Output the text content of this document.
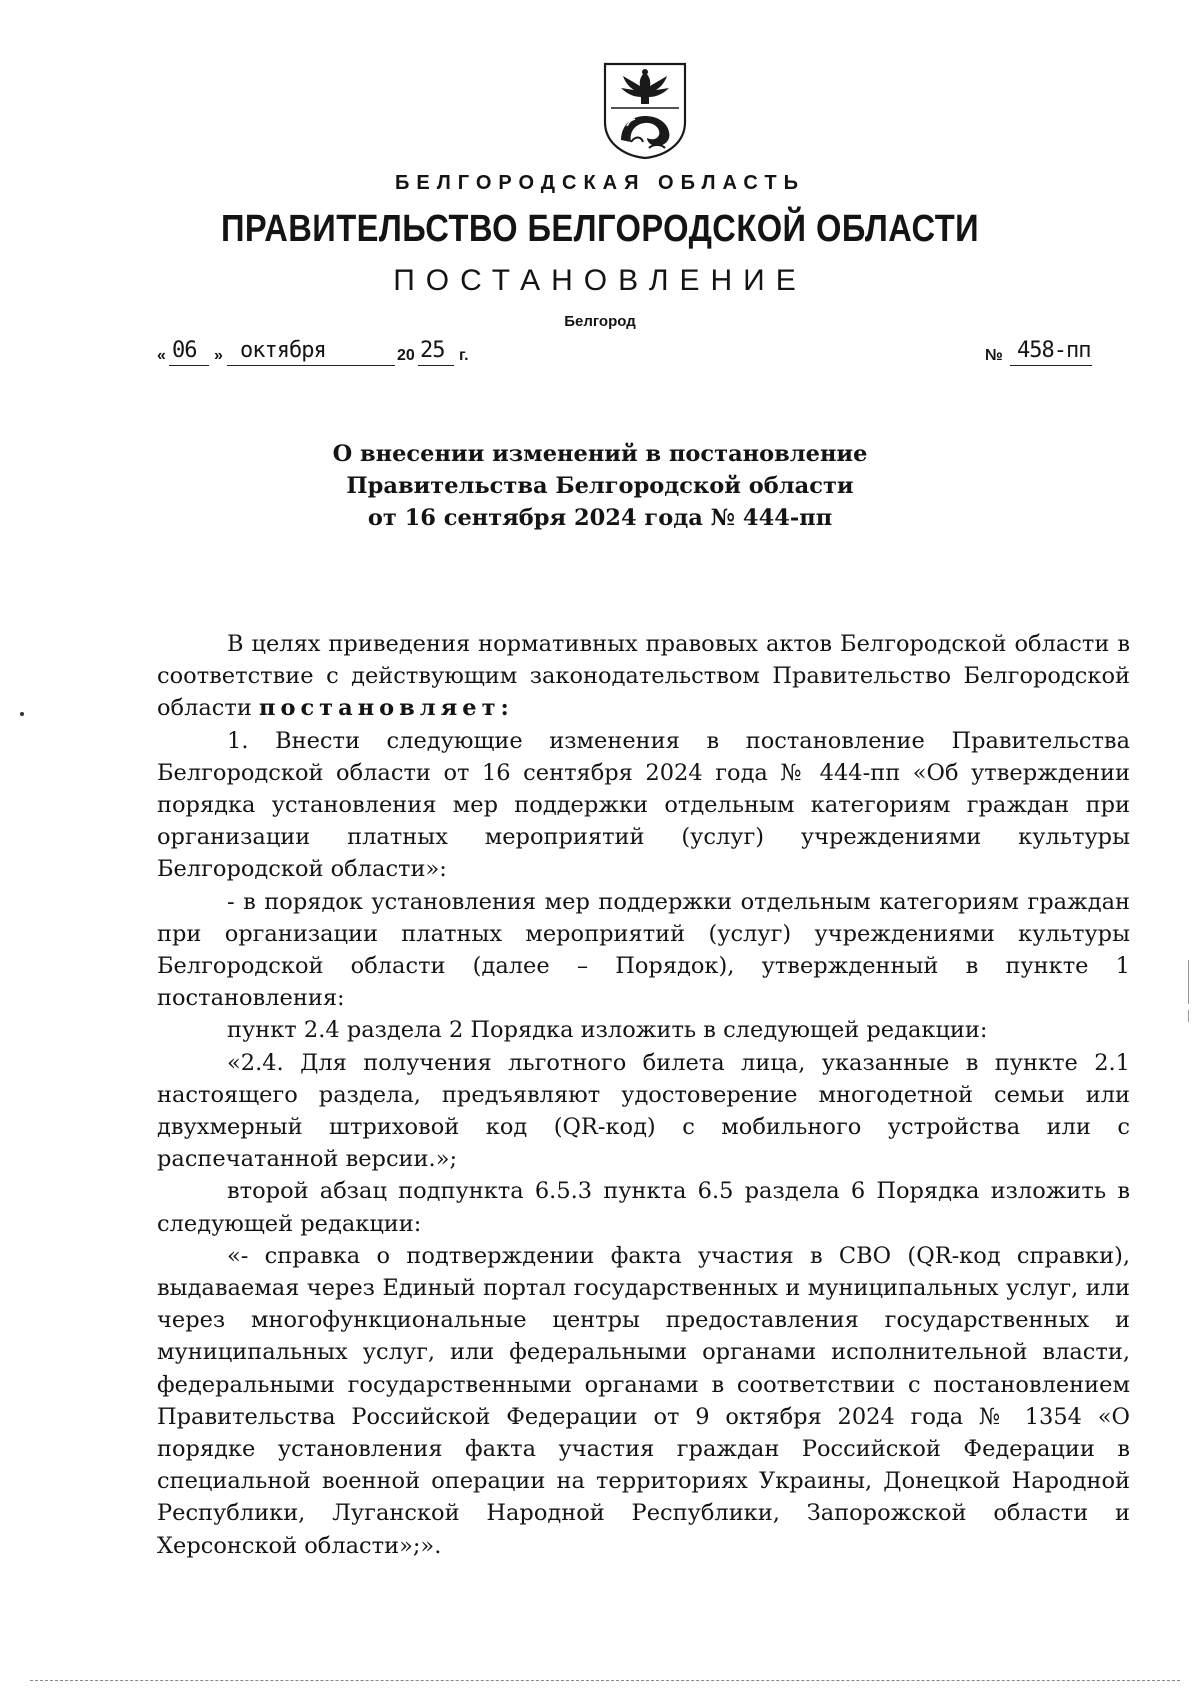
БЕЛГОРОДСКАЯ ОБЛАСТЬ
ПРАВИТЕЛЬСТВО БЕЛГОРОДСКОЙ ОБЛАСТИ
ПОСТАНОВЛЕНИЕ
Белгород
« 06 » октября	20 25 г.	№ 458-пп
О внесении изменений в постановление
Правительства Белгородской области
от 16 сентября 2024 года № 444-пп

В целях приведения нормативных правовых актов Белгородской области в соответствие с действующим законодательством Правительство Белгородской области постановляет:

1. Внести следующие изменения в постановление Правительства Белгородской области от 16 сентября 2024 года № 444-пп «Об утверждении порядка установления мер поддержки отдельным категориям граждан при организации платных мероприятий (услуг) учреждениями культуры Белгородской области»:

- в порядок установления мер поддержки отдельным категориям граждан при организации платных мероприятий (услуг) учреждениями культуры Белгородской области (далее – Порядок), утвержденный в пункте 1 постановления:

пункт 2.4 раздела 2 Порядка изложить в следующей редакции:

«2.4. Для получения льготного билета лица, указанные в пункте 2.1 настоящего раздела, предъявляют удостоверение многодетной семьи или двухмерный штриховой код (QR-код) с мобильного устройства или с распечатанной версии.»;

второй абзац подпункта 6.5.3 пункта 6.5 раздела 6 Порядка изложить в следующей редакции:

«- справка о подтверждении факта участия в СВО (QR-код справки), выдаваемая через Единый портал государственных и муниципальных услуг, или через многофункциональные центры предоставления государственных и муниципальных услуг, или федеральными органами исполнительной власти, федеральными государственными органами в соответствии с постановлением Правительства Российской Федерации от 9 октября 2024 года № 1354 «О порядке установления факта участия граждан Российской Федерации в специальной военной операции на территориях Украины, Донецкой Народной Республики, Луганской Народной Республики, Запорожской области и Херсонской области»;».
